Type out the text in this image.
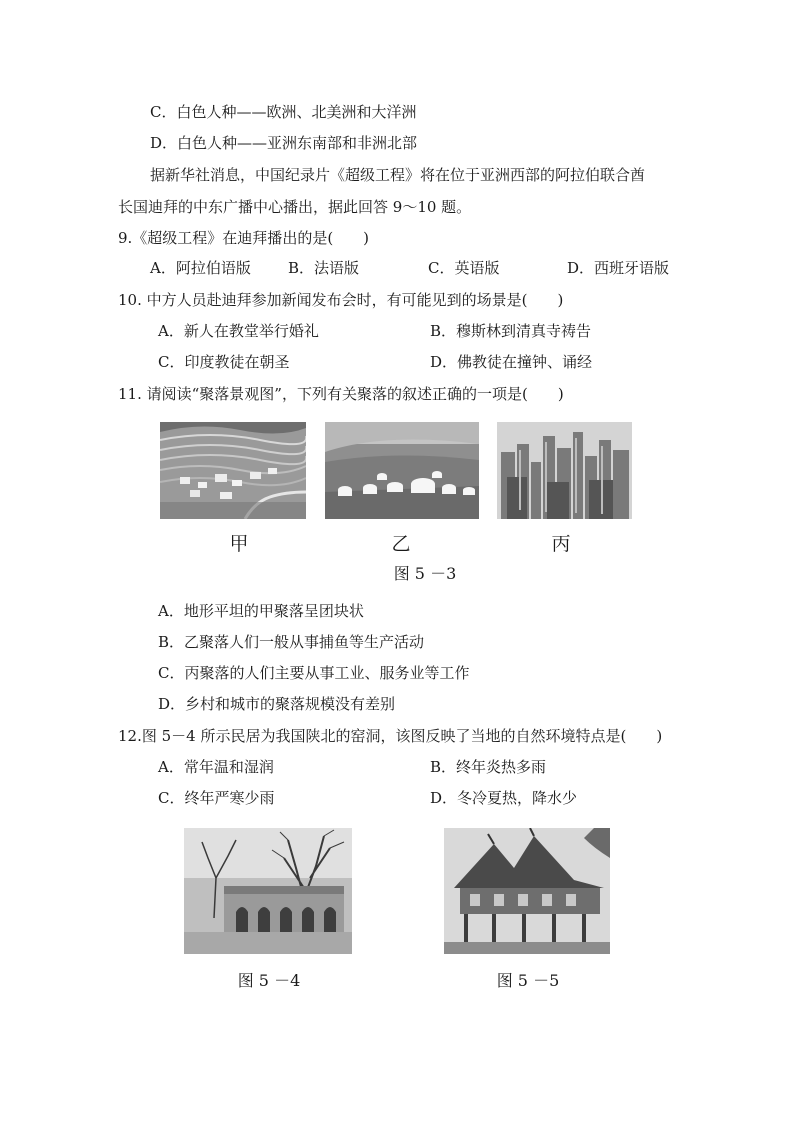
C．白色人种——欧洲、北美洲和大洋洲
D．白色人种——亚洲东南部和非洲北部
据新华社消息，中国纪录片《超级工程》将在位于亚洲西部的阿拉伯联合酋
长国迪拜的中东广播中心播出，据此回答 9～10 题。
9.《超级工程》在迪拜播出的是(　　)
A．阿拉伯语版 B．法语版	C．英语版	D．西班牙语版
10. 中方人员赴迪拜参加新闻发布会时，有可能见到的场景是(　　)
A．新人在教堂举行婚礼	B．穆斯林到清真寺祷告
C．印度教徒在朝圣	D．佛教徒在撞钟、诵经
11. 请阅读“聚落景观图”，下列有关聚落的叙述正确的一项是(　　)
甲	乙	丙
图 5 －3
A．地形平坦的甲聚落呈团块状
B．乙聚落人们一般从事捕鱼等生产活动
C．丙聚落的人们主要从事工业、服务业等工作
D．乡村和城市的聚落规模没有差别
12.图 5－4 所示民居为我国陕北的窑洞，该图反映了当地的自然环境特点是(　　)
A．常年温和湿润	B．终年炎热多雨
C．终年严寒少雨	D．冬冷夏热，降水少
图 5 －4	图 5 －5
